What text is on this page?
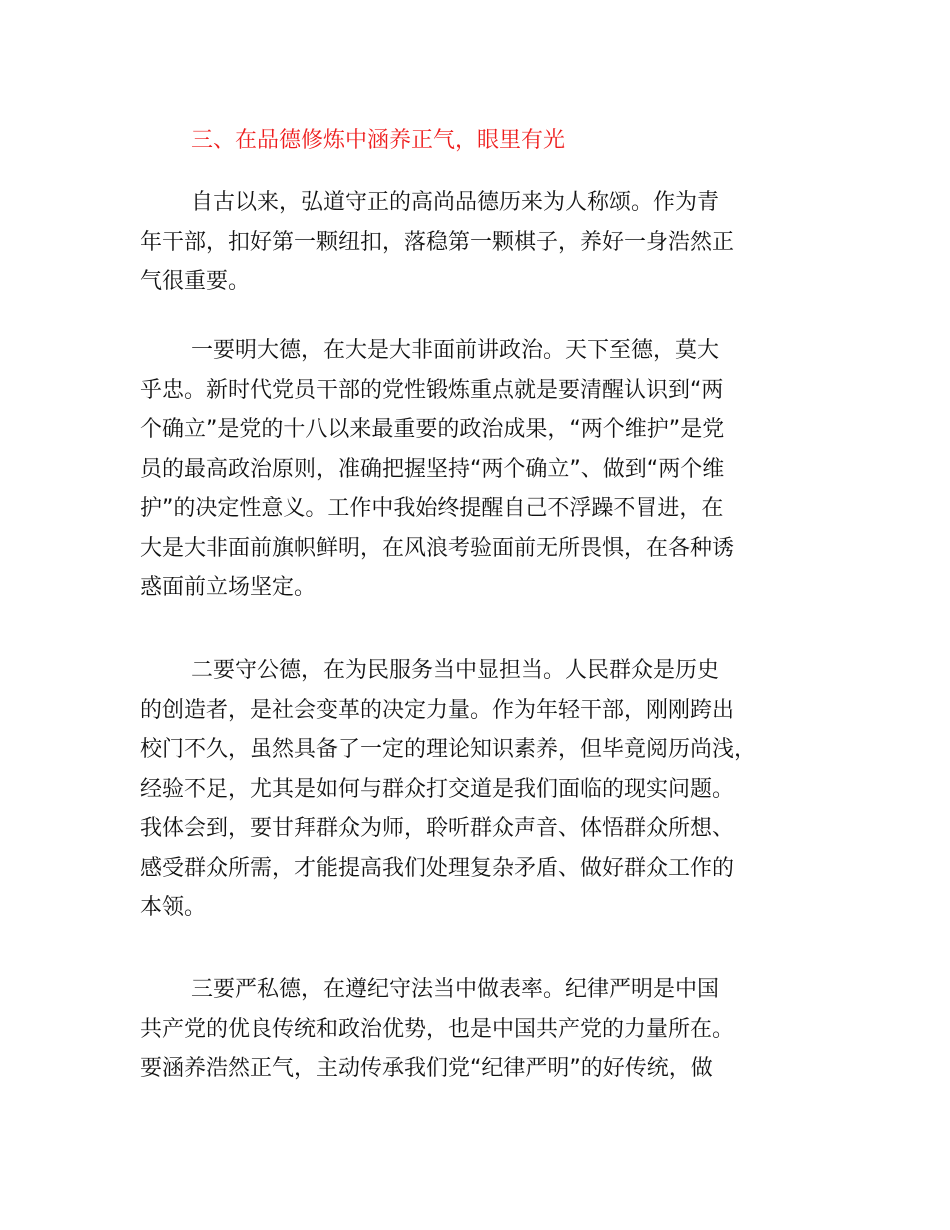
三、在品德修炼中涵养正气，眼里有光
自古以来，弘道守正的高尚品德历来为人称颂。作为青
年干部，扣好第一颗纽扣，落稳第一颗棋子，养好一身浩然正
气很重要。
一要明大德，在大是大非面前讲政治。天下至德，莫大
乎忠。新时代党员干部的党性锻炼重点就是要清醒认识到“两
个确立”是党的十八以来最重要的政治成果，“两个维护”是党
员的最高政治原则，准确把握坚持“两个确立”、做到“两个维
护”的决定性意义。工作中我始终提醒自己不浮躁不冒进，在
大是大非面前旗帜鲜明，在风浪考验面前无所畏惧，在各种诱
惑面前立场坚定。
二要守公德，在为民服务当中显担当。人民群众是历史
的创造者，是社会变革的决定力量。作为年轻干部，刚刚跨出
校门不久，虽然具备了一定的理论知识素养，但毕竟阅历尚浅，
经验不足，尤其是如何与群众打交道是我们面临的现实问题。
我体会到，要甘拜群众为师，聆听群众声音、体悟群众所想、
感受群众所需，才能提高我们处理复杂矛盾、做好群众工作的
本领。
三要严私德，在遵纪守法当中做表率。纪律严明是中国
共产党的优良传统和政治优势，也是中国共产党的力量所在。
要涵养浩然正气，主动传承我们党“纪律严明”的好传统，做
